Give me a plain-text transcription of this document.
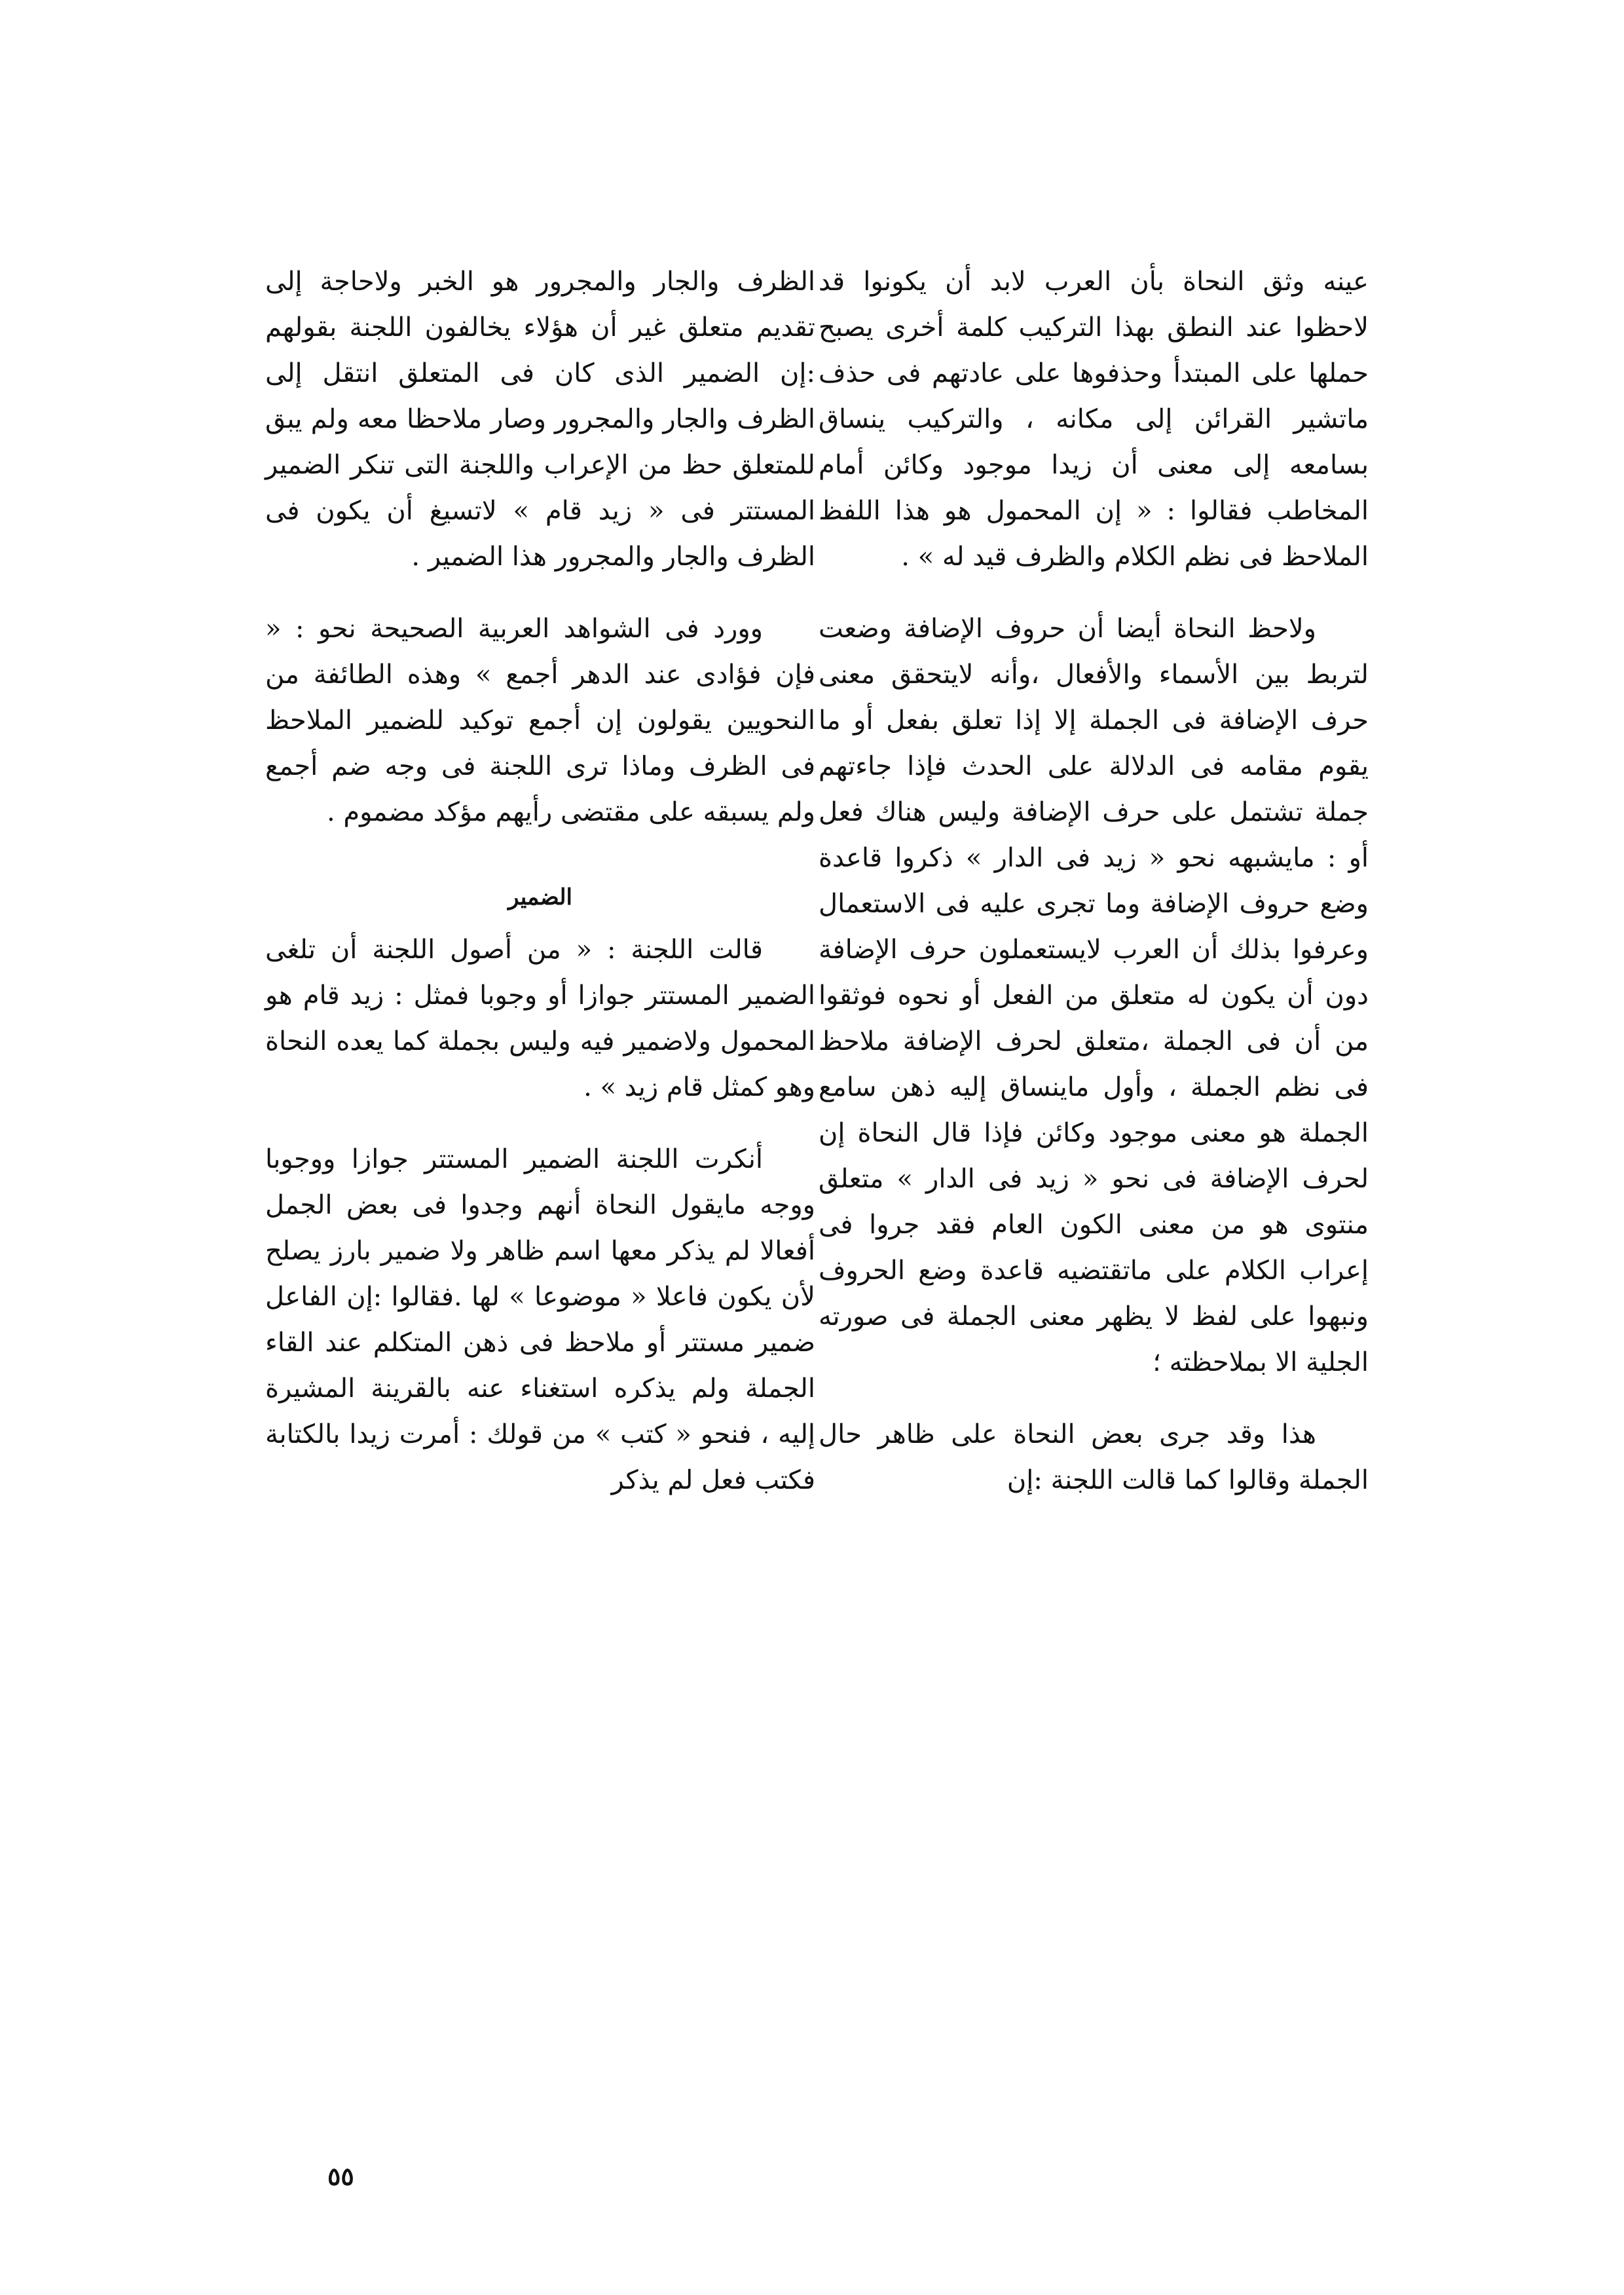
عينه وثق النحاة بأن العرب لابد أن يكونوا قد لاحظوا عند النطق بهذا التركيب كلمة أخرى يصبح حملها على المبتدأ وحذفوها على عادتهم فى حذف ماتشير القرائن إلى مكانه ، والتركيب ينساق بسامعه إلى معنى أن زيدا موجود وكائن أمام المخاطب فقالوا : « إن المحمول هو هذا اللفظ الملاحظ فى نظم الكلام والظرف قيد له » .

ولاحظ النحاة أيضا أن حروف الإضافة وضعت لتربط بين الأسماء والأفعال ،وأنه لايتحقق معنى حرف الإضافة فى الجملة إلا إذا تعلق بفعل أو ما يقوم مقامه فى الدلالة على الحدث فإذا جاءتهم جملة تشتمل على حرف الإضافة وليس هناك فعل أو : مايشبهه نحو « زيد فى الدار » ذكروا قاعدة وضع حروف الإضافة وما تجرى عليه فى الاستعمال وعرفوا بذلك أن العرب لايستعملون حرف الإضافة دون أن يكون له متعلق من الفعل أو نحوه فوثقوا من أن فى الجملة ،متعلق لحرف الإضافة ملاحظ فى نظم الجملة ، وأول ماينساق إليه ذهن سامع الجملة هو معنى موجود وكائن فإذا قال النحاة إن لحرف الإضافة فى نحو « زيد فى الدار » متعلق منتوى هو من معنى الكون العام فقد جروا فى إعراب الكلام على ماتقتضيه قاعدة وضع الحروف ونبهوا على لفظ لا يظهر معنى الجملة فى صورته الجلية الا بملاحظته ؛

هذا وقد جرى بعض النحاة على ظاهر حال الجملة وقالوا كما قالت اللجنة :إن

الظرف والجار والمجرور هو الخبر ولاحاجة إلى تقديم متعلق غير أن هؤلاء يخالفون اللجنة بقولهم :إن الضمير الذى كان فى المتعلق انتقل إلى الظرف والجار والمجرور وصار ملاحظا معه ولم يبق للمتعلق حظ من الإعراب واللجنة التى تنكر الضمير المستتر فى « زيد قام » لاتسيغ أن يكون فى الظرف والجار والمجرور هذا الضمير .

وورد فى الشواهد العربية الصحيحة نحو : « فإن فؤادى عند الدهر أجمع » وهذه الطائفة من النحويين يقولون إن أجمع توكيد للضمير الملاحظ فى الظرف وماذا ترى اللجنة فى وجه ضم أجمع ولم يسبقه على مقتضى رأيهم مؤكد مضموم .

الضمير

قالت اللجنة : « من أصول اللجنة أن تلغى الضمير المستتر جوازا أو وجوبا فمثل : زيد قام هو المحمول ولاضمير فيه وليس بجملة كما يعده النحاة وهو كمثل قام زيد » .

أنكرت اللجنة الضمير المستتر جوازا ووجوبا ووجه مايقول النحاة أنهم وجدوا فى بعض الجمل أفعالا لم يذكر معها اسم ظاهر ولا ضمير بارز يصلح لأن يكون فاعلا « موضوعا » لها .فقالوا :إن الفاعل ضمير مستتر أو ملاحظ فى ذهن المتكلم عند القاء الجملة ولم يذكره استغناء عنه بالقرينة المشيرة إليه ، فنحو « كتب » من قولك : أمرت زيدا بالكتابة فكتب فعل لم يذكر

٥٥
